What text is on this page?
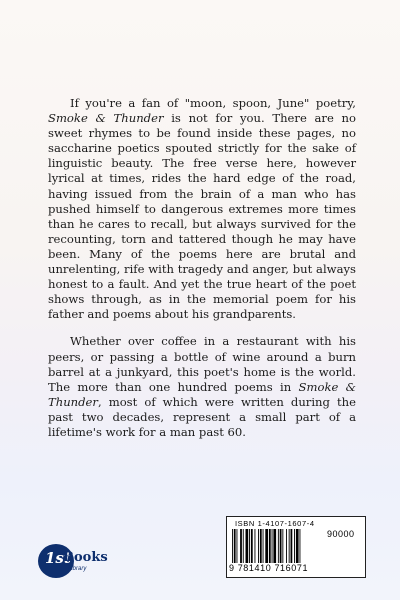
If you're a fan of "moon, spoon, June" poetry, Smoke & Thunder is not for you. There are no sweet rhymes to be found inside these pages, no saccharine poetics spouted strictly for the sake of linguistic beauty. The free verse here, however lyrical at times, rides the hard edge of the road, having issued from the brain of a man who has pushed himself to dangerous extremes more times than he cares to recall, but always survived for the recounting, torn and tattered though he may have been. Many of the poems here are brutal and unrelenting, rife with tragedy and anger, but always honest to a fault. And yet the true heart of the poet shows through, as in the memorial poem for his father and poems about his grandparents.

Whether over coffee in a restaurant with his peers, or passing a bottle of wine around a burn barrel at a junkyard, this poet's home is the world. The more than one hundred poems in Smoke & Thunder, most of which were written during the past two decades, represent a small part of a lifetime's work for a man past 60.

1st
Books
Library
ISBN 1-4107-1607-4
90000
9 781410 716071
